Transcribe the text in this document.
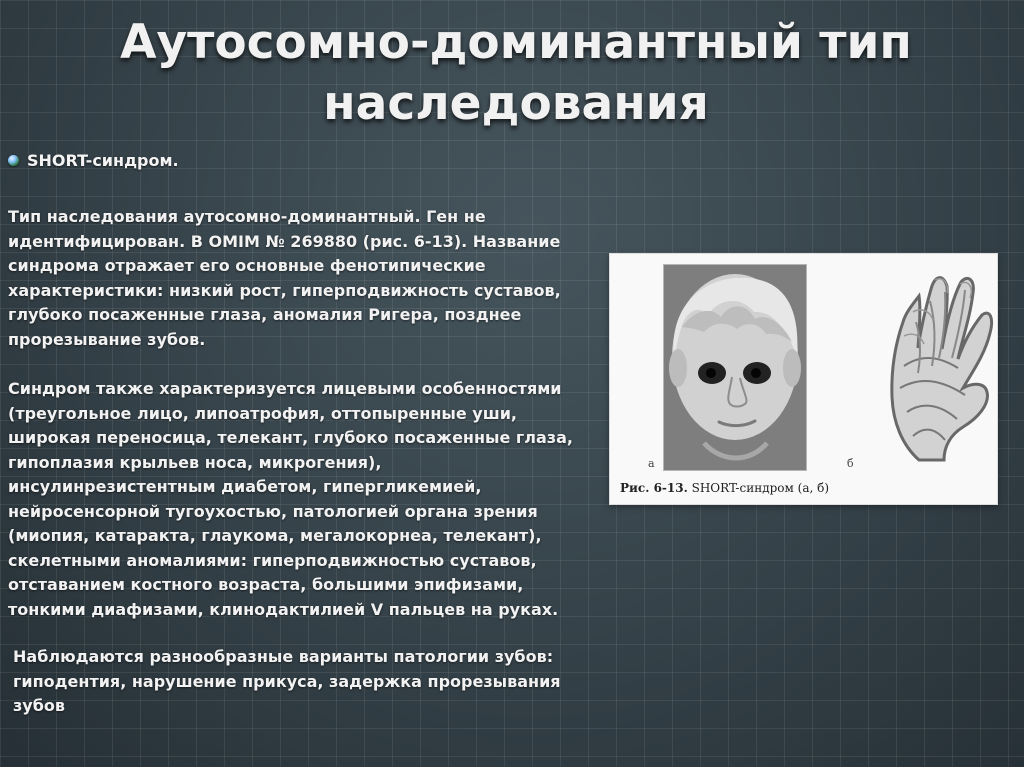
Аутосомно-доминантный тип наследования
SHORT-синдром.

Тип наследования аутосомно-доминантный. Ген не
идентифицирован. В OMIM № 269880 (рис. 6-13). Название
синдрома отражает его основные фенотипические
характеристики: низкий рост, гиперподвижность суставов,
глубоко посаженные глаза, аномалия Ригера, позднее
прорезывание зубов.

Синдром также характеризуется лицевыми особенностями
(треугольное лицо, липоатрофия, оттопыренные уши,
широкая переносица, телекант, глубоко посаженные глаза,
гипоплазия крыльев носа, микрогения),
инсулинрезистентным диабетом, гипергликемией,
нейросенсорной тугоухостью, патологией органа зрения
(миопия, катаракта, глаукома, мегалокорнеа, телекант),
скелетными аномалиями: гиперподвижностью суставов,
отставанием костного возраста, большими эпифизами,
тонкими диафизами, клинодактилией V пальцев на руках.

Наблюдаются разнообразные варианты патологии зубов:
гиподентия, нарушение прикуса, задержка прорезывания
зубов

а	б
Рис. 6-13. SHORT-синдром (а, б)
